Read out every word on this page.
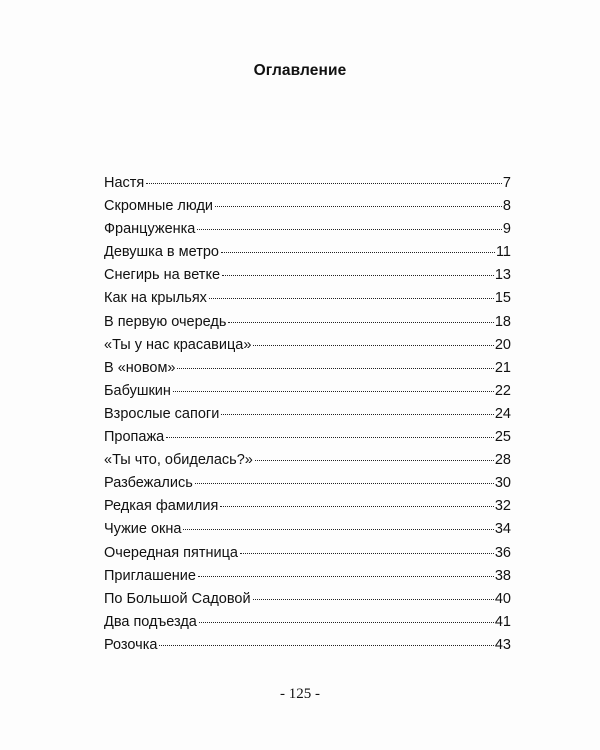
Оглавление
Настя	7
Скромные люди	8
Француженка	9
Девушка в метро	11
Снегирь на ветке	13
Как на крыльях	15
В первую очередь	18
«Ты у нас красавица»	20
В «новом»	21
Бабушкин	22
Взрослые сапоги	24
Пропажа	25
«Ты что, обиделась?»	28
Разбежались	30
Редкая фамилия	32
Чужие окна	34
Очередная пятница	36
Приглашение	38
По Большой Садовой	40
Два подъезда	41
Розочка	43
- 125 -
